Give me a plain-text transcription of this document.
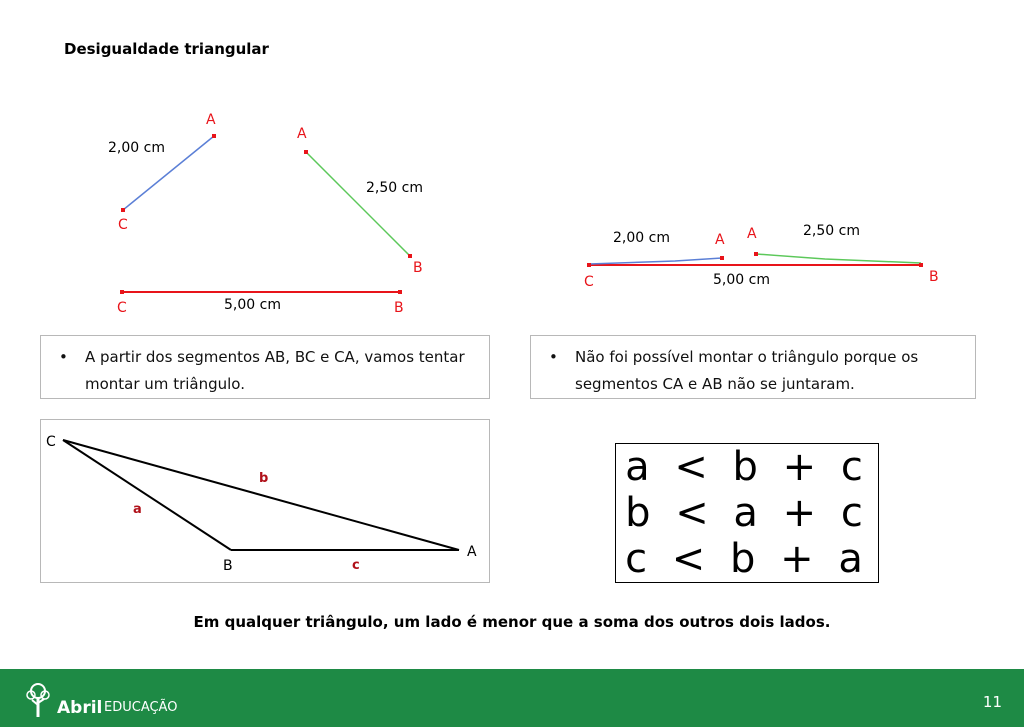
Desigualdade triangular
C
A
2,00 cm
A
B
2,50 cm
C	B
5,00 cm
C
A A
B
2,00 cm	2,50 cm
5,00 cm
• A partir dos segmentos AB, BC e CA, vamos tentar montar um triângulo.
• Não foi possível montar o triângulo porque os segmentos CA e AB não se juntaram.
C
B
A
a
b
c
a < b + c
b < a + c
c < b + a
Em qualquer triângulo, um lado é menor que a soma dos outros dois lados.
Abril EDUCAÇÃO	11
